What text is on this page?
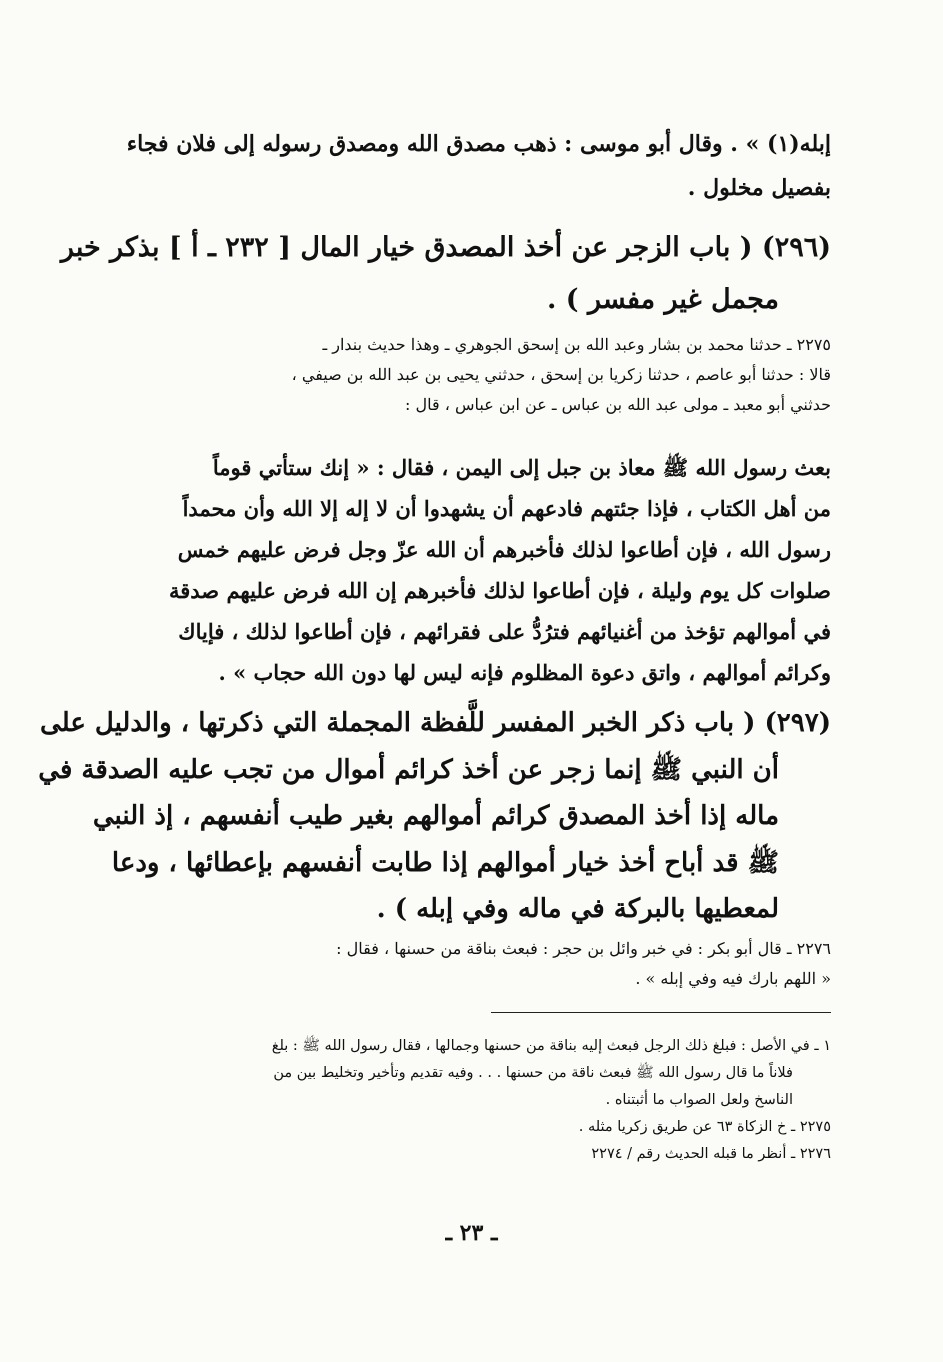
إبله(١) » . وقال أبو موسى : ذهب مصدق الله ومصدق رسوله إلى فلان فجاء
بفصيل مخلول .
(٢٩٦) ( باب الزجر عن أخذ المصدق خيار المال [ ٢٣٢ ـ أ ] بذكر خبر
مجمل غير مفسر ) .
٢٢٧٥ ـ حدثنا محمد بن بشار وعبد الله بن إسحق الجوهري ـ وهذا حديث بندار ـ
قالا : حدثنا أبو عاصم ، حدثنا زكريا بن إسحق ، حدثني يحيى بن عبد الله بن صيفي ،
حدثني أبو معبد ـ مولى عبد الله بن عباس ـ عن ابن عباس ، قال :
بعث رسول الله ﷺ معاذ بن جبل إلى اليمن ، فقال : « إنك ستأتي قوماً
من أهل الكتاب ، فإذا جئتهم فادعهم أن يشهدوا أن لا إله إلا الله وأن محمداً
رسول الله ، فإن أطاعوا لذلك فأخبرهم أن الله عزّ وجل فرض عليهم خمس
صلوات كل يوم وليلة ، فإن أطاعوا لذلك فأخبرهم إن الله فرض عليهم صدقة
في أموالهم تؤخذ من أغنيائهم فترُدُّ على فقرائهم ، فإن أطاعوا لذلك ، فإياك
وكرائم أموالهم ، واتق دعوة المظلوم فإنه ليس لها دون الله حجاب » .
(٢٩٧) ( باب ذكر الخبر المفسر للَّفظة المجملة التي ذكرتها ، والدليل على
أن النبي ﷺ إنما زجر عن أخذ كرائم أموال من تجب عليه الصدقة في
ماله إذا أخذ المصدق كرائم أموالهم بغير طيب أنفسهم ، إذ النبي
ﷺ قد أباح أخذ خيار أموالهم إذا طابت أنفسهم بإعطائها ، ودعا
لمعطيها بالبركة في ماله وفي إبله ) .
٢٢٧٦ ـ قال أبو بكر : في خبر وائل بن حجر : فبعث بناقة من حسنها ، فقال :
« اللهم بارك فيه وفي إبله » .
١ ـ في الأصل : فبلغ ذلك الرجل فبعث إليه بناقة من حسنها وجمالها ، فقال رسول الله ﷺ : بلغ
فلاناً ما قال رسول الله ﷺ فبعث ناقة من حسنها . . . وفيه تقديم وتأخير وتخليط بين من
الناسخ ولعل الصواب ما أثبتناه .
٢٢٧٥ ـ خ الزكاة ٦٣ عن طريق زكريا مثله .
٢٢٧٦ ـ أنظر ما قبله الحديث رقم / ٢٢٧٤
ـ ٢٣ ـ
